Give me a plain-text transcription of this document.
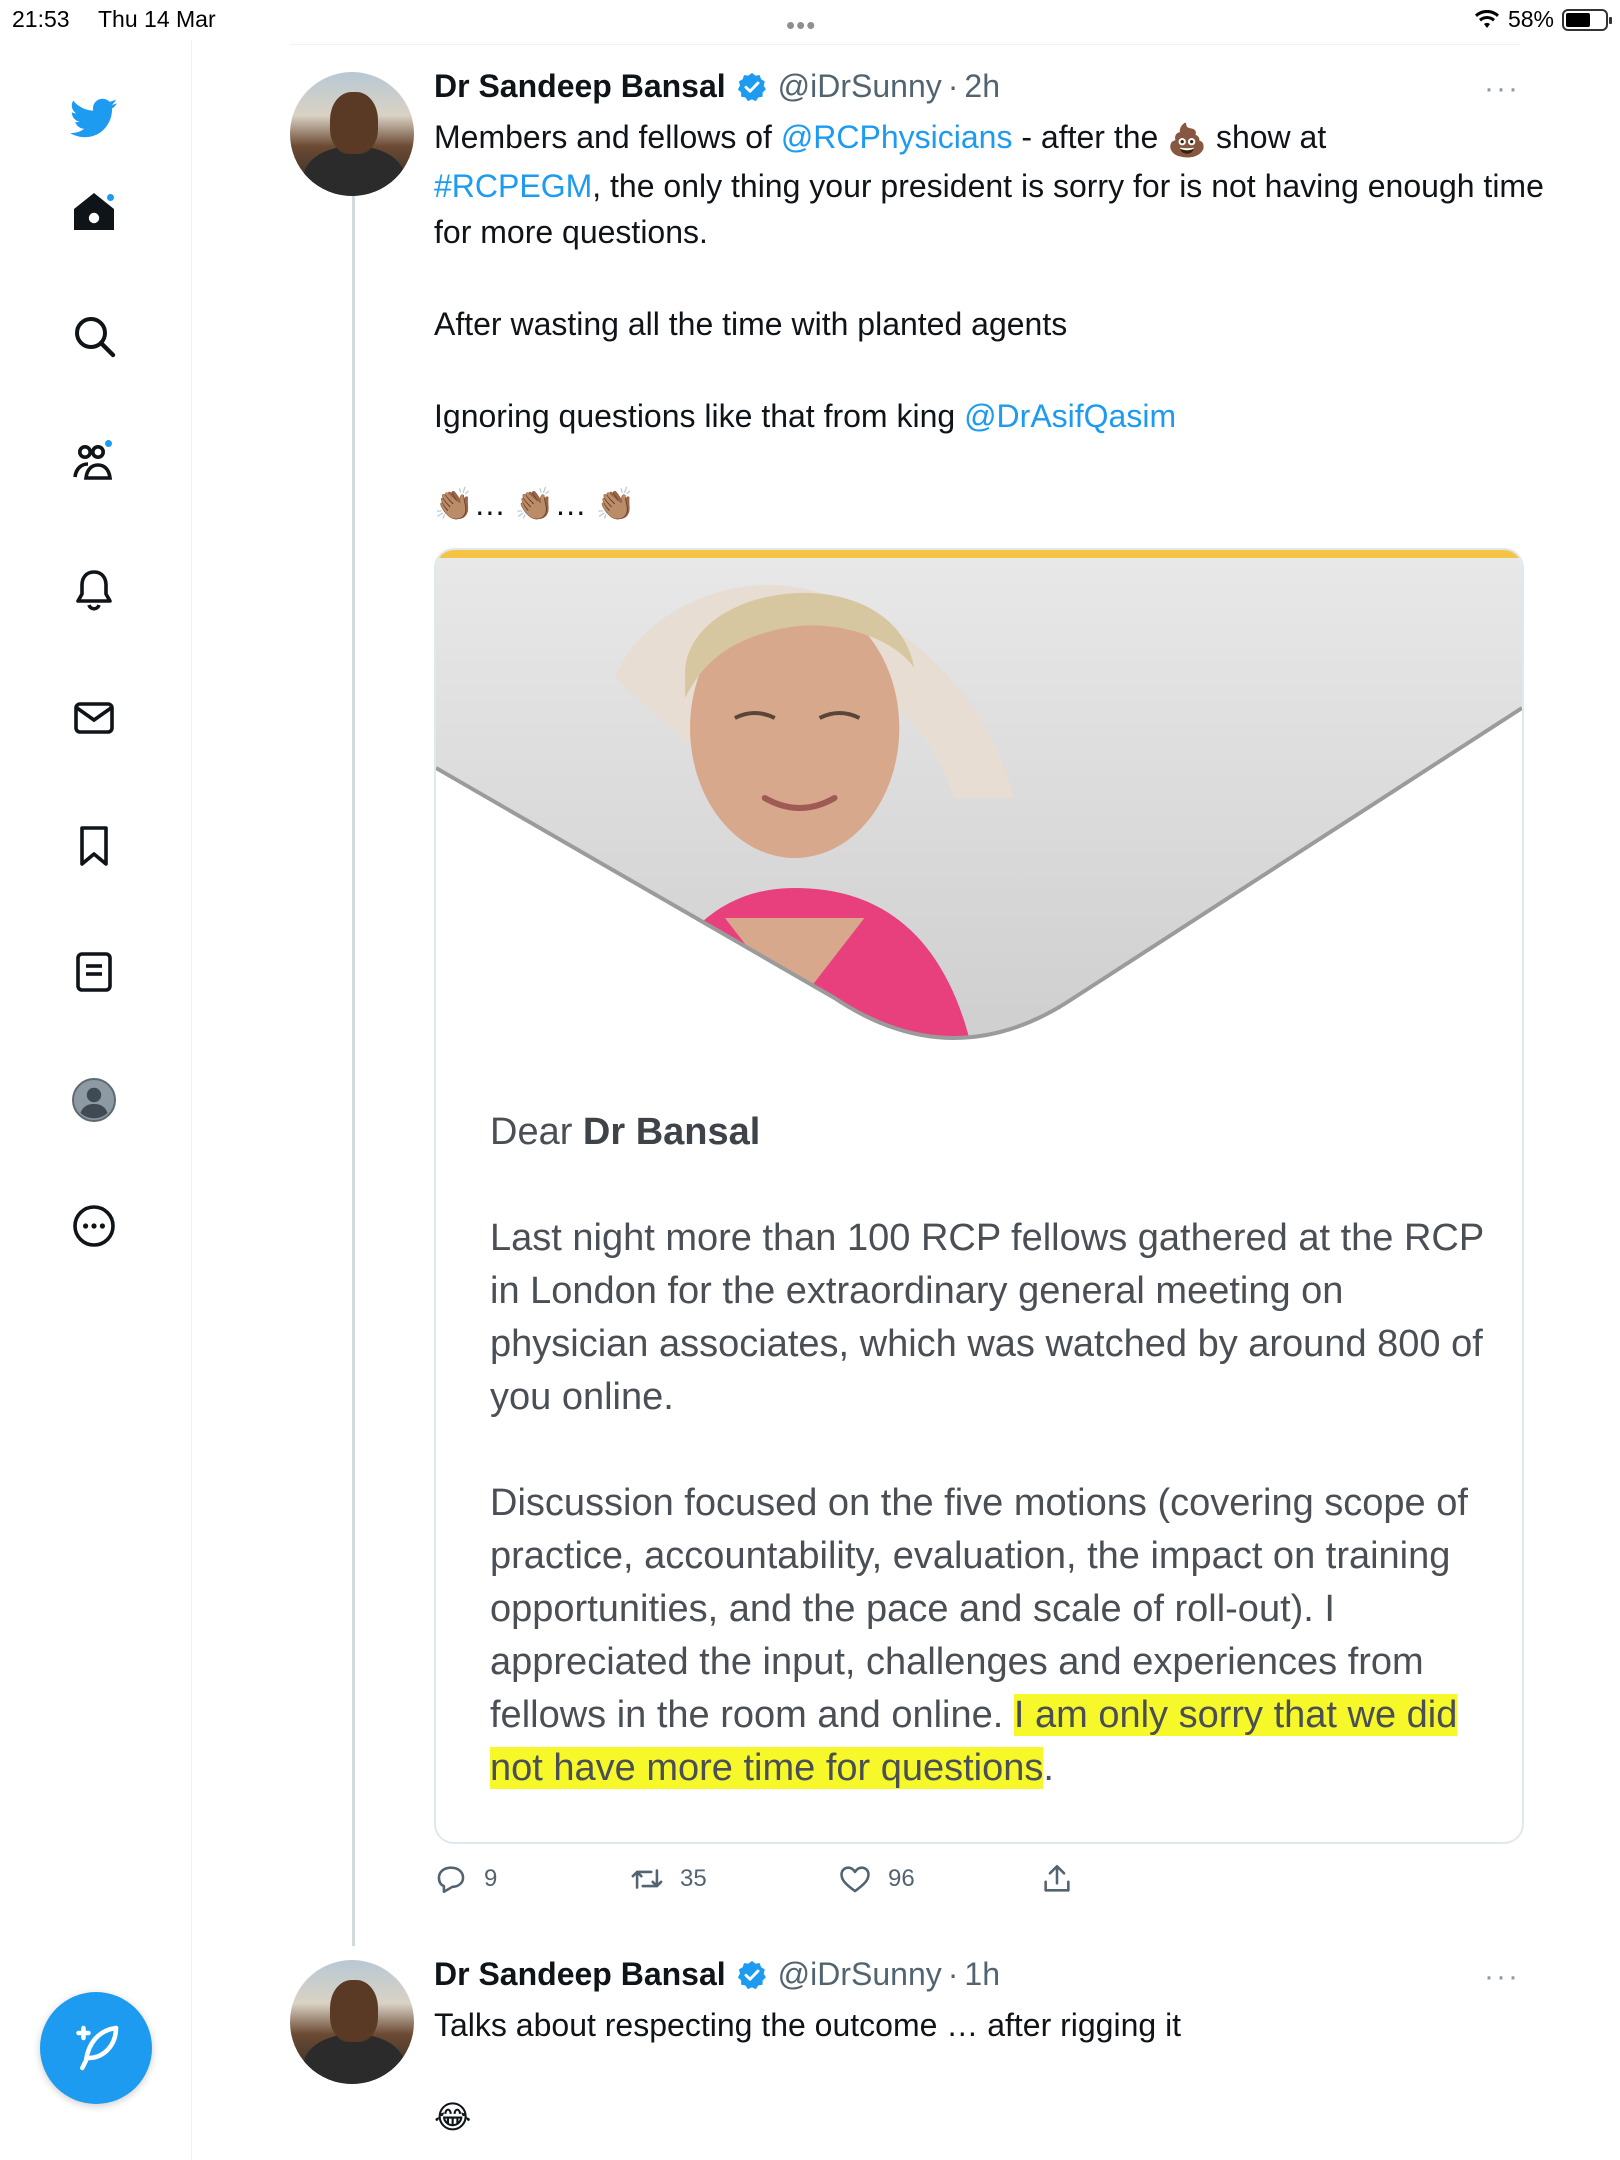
21:53 Thu 14 Mar	•••	58%
Dr Sandeep Bansal @iDrSunny · 2h	···

Members and fellows of @RCPhysicians - after the 💩 show at
#RCPEGM, the only thing your president is sorry for is not having enough time for more questions.

After wasting all the time with planted agents

Ignoring questions like that from king @DrAsifQasim

👏🏽… 👏🏽… 👏🏽

Dear Dr Bansal

Last night more than 100 RCP fellows gathered at the RCP in London for the extraordinary general meeting on physician associates, which was watched by around 800 of you online.

Discussion focused on the five motions (covering scope of practice, accountability, evaluation, the impact on training opportunities, and the pace and scale of roll-out). I appreciated the input, challenges and experiences from fellows in the room and online. I am only sorry that we did not have more time for questions.

9	35	96
Dr Sandeep Bansal @iDrSunny · 1h	···

Talks about respecting the outcome … after rigging it

😂
